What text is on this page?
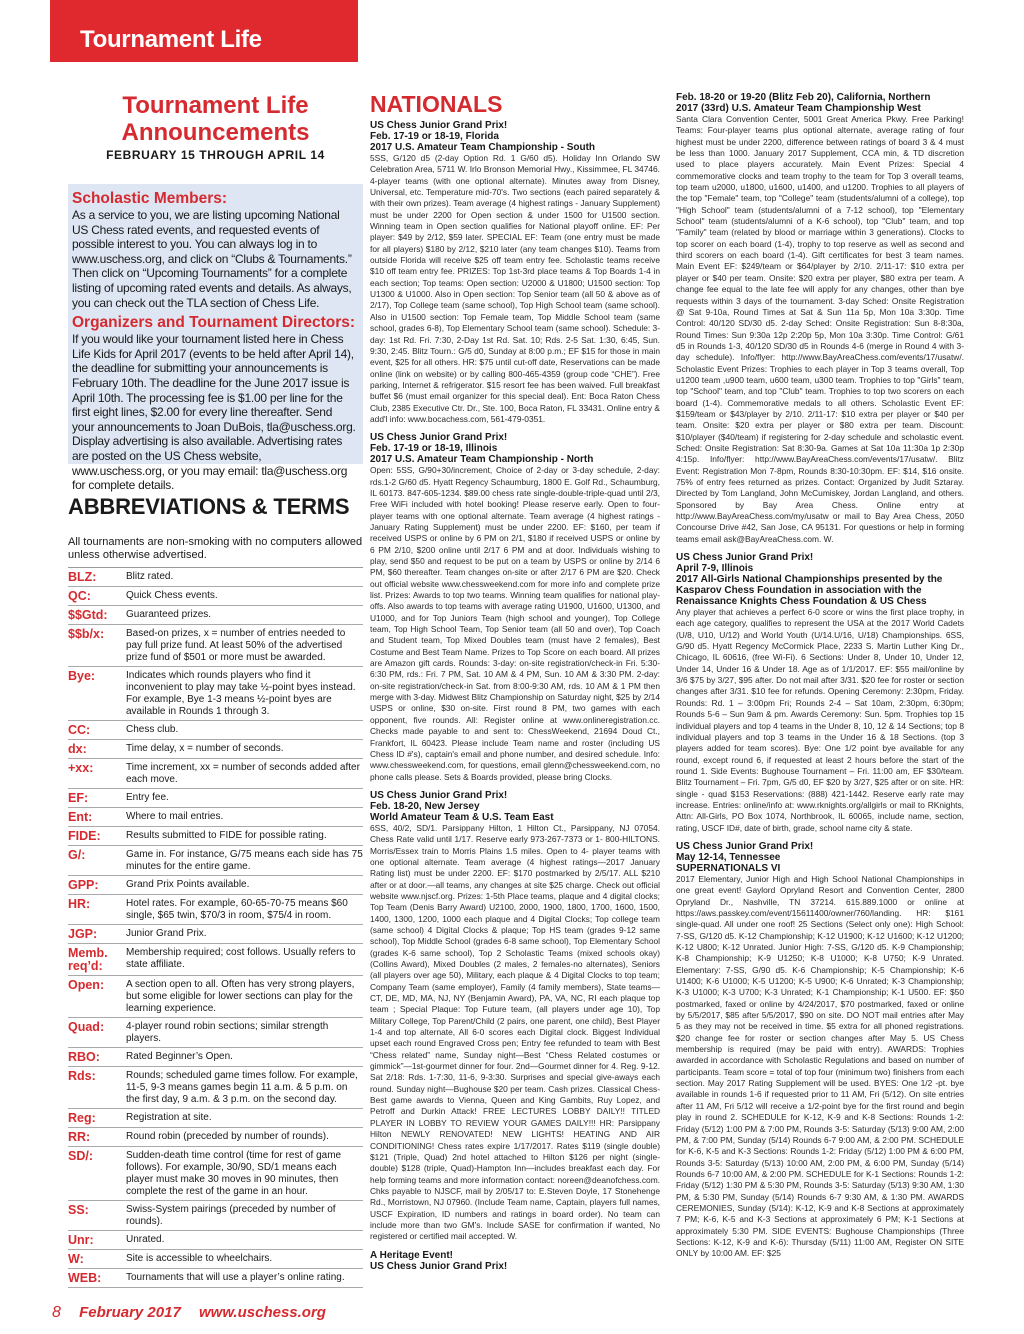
Tournament Life
Tournament Life Announcements
FEBRUARY 15 THROUGH APRIL 14
Scholastic Members:

As a service to you, we are listing upcoming National US Chess rated events, and requested events of possible interest to you. You can always log in to www.uschess.org, and click on “Clubs & Tournaments.” Then click on “Upcoming Tournaments” for a complete listing of upcoming rated events and details. As always, you can check out the TLA section of Chess Life.

Organizers and Tournament Directors:

If you would like your tournament listed here in Chess Life Kids for April 2017 (events to be held after April 14), the deadline for submitting your announcements is February 10th. The deadline for the June 2017 issue is April 10th. The processing fee is $1.00 per line for the first eight lines, $2.00 for every line thereafter. Send your announcements to Joan DuBois, tla@uschess.org. Display advertising is also available. Advertising rates are posted on the US Chess website, www.uschess.org, or you may email: tla@uschess.org for complete details.

ABBREVIATIONS & TERMS
All tournaments are non-smoking with no computers allowed unless otherwise advertised.
BLZ:	Blitz rated.
QC:	Quick Chess events.
$$Gtd:	Guaranteed prizes.
$$b/x:	Based-on prizes, x = number of entries needed to pay full prize fund. At least 50% of the advertised prize fund of $501 or more must be awarded.
Bye:	Indicates which rounds players who find it inconvenient to play may take ½-point byes instead. For example, Bye 1-3 means ½-point byes are available in Rounds 1 through 3.
CC:	Chess club.
dx:	Time delay, x = number of seconds.
+xx:	Time increment, xx = number of seconds added after each move.
EF:	Entry fee.
Ent:	Where to mail entries.
FIDE:	Results submitted to FIDE for possible rating.
G/:	Game in. For instance, G/75 means each side has 75 minutes for the entire game.
GPP:	Grand Prix Points available.
HR:	Hotel rates. For example, 60-65-70-75 means $60 single, $65 twin, $70/3 in room, $75/4 in room.
JGP:	Junior Grand Prix.
Memb. req’d:
Membership required; cost follows. Usually refers to state affiliate.
Open:	A section open to all. Often has very strong players, but some eligible for lower sections can play for the learning experience.
Quad:	4-player round robin sections; similar strength players.
RBO:	Rated Beginner’s Open.
Rds:	Rounds; scheduled game times follow. For example, 11-5, 9-3 means games begin 11 a.m. & 5 p.m. on the first day, 9 a.m. & 3 p.m. on the second day.
Reg:	Registration at site.
RR:	Round robin (preceded by number of rounds).
SD/:	Sudden-death time control (time for rest of game follows). For example, 30/90, SD/1 means each player must make 30 moves in 90 minutes, then complete the rest of the game in an hour.
SS:	Swiss-System pairings (preceded by number of rounds).
Unr:	Unrated.
W:	Site is accessible to wheelchairs.
WEB:	Tournaments that will use a player’s online rating.
NATIONALS
US Chess Junior Grand Prix!
Feb. 17-19 or 18-19, Florida
2017 U.S. Amateur Team Championship - South
5SS, G/120 d5 (2-day Option Rd. 1 G/60 d5). Holiday Inn Orlando SW Celebration Area, 5711 W. Irlo Bronson Memorial Hwy., Kissimmee, FL 34746. 4-player teams (with one optional alternate). Minutes away from Disney, Universal, etc. Temperature mid-70's. Two sections (each paired separately & with their own prizes). Team average (4 highest ratings - January Supplement) must be under 2200 for Open section & under 1500 for U1500 section. Winning team in Open section qualifies for National playoff online. EF: Per player: $49 by 2/12, $59 later. SPECIAL EF: Team (one entry must be made for all players) $180 by 2/12, $210 later (any team changes $10). Teams from outside Florida will receive $25 off team entry fee. Scholastic teams receive $10 off team entry fee. PRIZES: Top 1st-3rd place teams & Top Boards 1-4 in each section; Top teams: Open section: U2000 & U1800; U1500 section: Top U1300 & U1000. Also in Open section: Top Senior team (all 50 & above as of 2/17), Top College team (same school), Top High School team (same school). Also in U1500 section: Top Female team, Top Middle School team (same school, grades 6-8), Top Elementary School team (same school). Schedule: 3-day: 1st Rd. Fri. 7:30, 2-Day 1st Rd. Sat. 10; Rds. 2-5 Sat. 1:30, 6:45, Sun. 9:30, 2:45. Blitz Tourn.: G/5 d0, Sunday at 8:00 p.m.; EF $15 for those in main event, $25 for all others. HR: $75 until cut-off date, Reservations can be made online (link on website) or by calling 800-465-4359 (group code “CHE”). Free parking, Internet & refrigerator. $15 resort fee has been waived. Full breakfast buffet $6 (must email organizer for this special deal). Ent: Boca Raton Chess Club, 2385 Executive Ctr. Dr., Ste. 100, Boca Raton, FL 33431. Online entry & add'l info: www.bocachess.com, 561-479-0351.
US Chess Junior Grand Prix!
Feb. 17-19 or 18-19, Illinois
2017 U.S. Amateur Team Championship - North
Open: 5SS, G/90+30/increment, Choice of 2-day or 3-day schedule, 2-day: rds.1-2 G/60 d5. Hyatt Regency Schaumburg, 1800 E. Golf Rd., Schaumburg, IL 60173. 847-605-1234. $89.00 chess rate single-double-triple-quad until 2/3, Free WiFi included with hotel booking! Please reserve early. Open to four-player teams with one optional alternate. Team average (4 highest ratings - January Rating Supplement) must be under 2200. EF: $160, per team if received USPS or online by 6 PM on 2/1, $180 if received USPS or online by 6 PM 2/10, $200 online until 2/17 6 PM and at door. Individuals wishing to play, send $50 and request to be put on a team by USPS or online by 2/14 6 PM, $60 thereafter. Team changes on-site or after 2/17 6 PM are $20. Check out official website www.chessweekend.com for more info and complete prize list. Prizes: Awards to top two teams. Winning team qualifies for national play-offs. Also awards to top teams with average rating U1900, U1600, U1300, and U1000, and for Top Juniors Team (high school and younger), Top College team, Top High School Team, Top Senior team (all 50 and over), Top Coach and Student team, Top Mixed Doubles team (must have 2 females), Best Costume and Best Team Name. Prizes to Top Score on each board. All prizes are Amazon gift cards. Rounds: 3-day: on-site registration/check-in Fri. 5:30-6:30 PM, rds.: Fri. 7 PM, Sat. 10 AM & 4 PM, Sun. 10 AM & 3:30 PM. 2-day: on-site registration/check-in Sat. from 8:00-9:30 AM, rds. 10 AM & 1 PM then merge with 3-day. Midwest Blitz Championship on Saturday night, $25 by 2/14 USPS or online, $30 on-site. First round 8 PM, two games with each opponent, five rounds. All: Register online at www.onlineregistration.cc. Checks made payable to and sent to: ChessWeekend, 21694 Doud Ct., Frankfort, IL 60423. Please include Team name and roster (including US Chess ID #'s), captain's email and phone number, and desired schedule. Info: www.chessweekend.com, for questions, email glenn@chessweekend.com, no phone calls please. Sets & Boards provided, please bring Clocks.
US Chess Junior Grand Prix!
Feb. 18-20, New Jersey
World Amateur Team & U.S. Team East
6SS, 40/2, SD/1. Parsippany Hilton, 1 Hilton Ct., Parsippany, NJ 07054. Chess Rate valid until 1/17. Reserve early 973-267-7373 or 1- 800-HILTONS. Morris/Essex train to Morris Plains 1.5 miles. Open to 4- player teams with one optional alternate. Team average (4 highest ratings—2017 January Rating list) must be under 2200. EF: $170 postmarked by 2/5/17. ALL $210 after or at door.—all teams, any changes at site $25 charge. Check out official website www.njscf.org. Prizes: 1-5th Place teams, plaque and 4 digital clocks; Top Team (Denis Barry Award) U2100, 2000, 1900, 1800, 1700, 1600, 1500, 1400, 1300, 1200, 1000 each plaque and 4 Digital Clocks; Top college team (same school) 4 Digital Clocks & plaque; Top HS team (grades 9-12 same school), Top Middle School (grades 6-8 same school), Top Elementary School (grades K-6 same school), Top 2 Scholastic Teams (mixed schools okay) (Collins Award), Mixed Doubles (2 males, 2 females-no alternates), Seniors (all players over age 50), Military, each plaque & 4 Digital Clocks to top team; Company Team (same employer), Family (4 family members), State teams—CT, DE, MD, MA, NJ, NY (Benjamin Award), PA, VA, NC, RI each plaque top team ; Special Plaque: Top Future team, (all players under age 10), Top Military College, Top Parent/Child (2 pairs, one parent, one child), Best Player 1-4 and top alternate, All 6-0 scores each Digital clock. Biggest Individual upset each round Engraved Cross pen; Entry fee refunded to team with Best “Chess related” name, Sunday night—Best “Chess Related costumes or gimmick”—1st-gourmet dinner for four. 2nd—Gourmet dinner for 4. Reg. 9-12. Sat 2/18: Rds. 1-7:30, 11-6, 9-3:30. Surprises and special give-aways each round. Sunday night—Bughouse $20 per team. Cash prizes. Classical Chess-Best game awards to Vienna, Queen and King Gambits, Ruy Lopez, and Petroff and Durkin Attack! FREE LECTURES LOBBY DAILY!! TITLED PLAYER IN LOBBY TO REVIEW YOUR GAMES DAILY!!! HR: Parsippany Hilton NEWLY RENOVATED! NEW LIGHTS! HEATING AND AIR CONDITIONING! Chess rates expire 1/17/2017. Rates $119 (single double) $121 (Triple, Quad) 2nd hotel attached to Hilton $126 per night (single-double) $128 (triple, Quad)-Hampton Inn—includes breakfast each day. For help forming teams and more information contact: noreen@deanofchess.com. Chks payable to NJSCF, mail by 2/05/17 to: E.Steven Doyle, 17 Stonehenge Rd., Morristown, NJ 07960. (Include Team name, Captain, players full names, USCF Expiration, ID numbers and ratings in board order). No team can include more than two GM's. Include SASE for confirmation if wanted, No registered or certified mail accepted. W.
A Heritage Event!
US Chess Junior Grand Prix!
Feb. 18-20 or 19-20 (Blitz Feb 20), California, Northern
2017 (33rd) U.S. Amateur Team Championship West
Santa Clara Convention Center, 5001 Great America Pkwy. Free Parking! Teams: Four-player teams plus optional alternate, average rating of four highest must be under 2200, difference between ratings of board 3 & 4 must be less than 1000. January 2017 Supplement, CCA min, & TD discretion used to place players accurately. Main Event Prizes: Special 4 commemorative clocks and team trophy to the team for Top 3 overall teams, top team u2000, u1800, u1600, u1400, and u1200. Trophies to all players of the top "Female" team, top "College" team (students/alumni of a college), top "High School" team (students/alumni of a 7-12 school), top "Elementary School" team (students/alumni of a K-6 school), top "Club" team, and top "Family" team (related by blood or marriage within 3 generations). Clocks to top scorer on each board (1-4), trophy to top reserve as well as second and third scorers on each board (1-4). Gift certificates for best 3 team names. Main Event EF: $249/team or $64/player by 2/10. 2/11-17: $10 extra per player or $40 per team. Onsite: $20 extra per player, $80 extra per team. A change fee equal to the late fee will apply for any changes, other than bye requests within 3 days of the tournament. 3-day Sched: Onsite Registration @ Sat 9-10a, Round Times at Sat & Sun 11a 5p, Mon 10a 3:30p. Time Control: 40/120 SD/30 d5. 2-day Sched: Onsite Registration: Sun 8-8:30a, Round Times: Sun 9:30a 12p 2:20p 5p, Mon 10a 3:30p. Time Control: G/61 d5 in Rounds 1-3, 40/120 SD/30 d5 in Rounds 4-6 (merge in Round 4 with 3-day schedule). Info/flyer: http://www.BayAreaChess.com/events/17/usatw/. Scholastic Event Prizes: Trophies to each player in Top 3 teams overall, Top u1200 team ,u900 team, u600 team, u300 team. Trophies to top "Girls" team, top "School" team, and top "Club" team. Trophies to top two scorers on each board (1-4). Commemorative medals to all others. Scholastic Event EF: $159/team or $43/player by 2/10. 2/11-17: $10 extra per player or $40 per team. Onsite: $20 extra per player or $80 extra per team. Discount: $10/player ($40/team) if registering for 2-day schedule and scholastic event. Sched: Onsite Registration: Sat 8:30-9a. Games at Sat 10a 11:30a 1p 2:30p 4:15p. Info/flyer: http://www.BayAreaChess.com/events/17/usatw/. Blitz Event: Registration Mon 7-8pm, Rounds 8:30-10:30pm. EF: $14, $16 onsite. 75% of entry fees returned as prizes. Contact: Organized by Judit Sztaray. Directed by Tom Langland, John McCumiskey, Jordan Langland, and others. Sponsored by Bay Area Chess. Online entry at http://www.BayAreaChess.com/my/usatw or mail to Bay Area Chess, 2050 Concourse Drive #42, San Jose, CA 95131. For questions or help in forming teams email ask@BayAreaChess.com. W.
US Chess Junior Grand Prix!
April 7-9, Illinois
2017 All-Girls National Championships presented by the Kasparov Chess Foundation in association with the Renaissance Knights Chess Foundation & US Chess
Any player that achieves a perfect 6-0 score or wins the first place trophy, in each age category, qualifies to represent the USA at the 2017 World Cadets (U/8, U10, U/12) and World Youth (U/14.U/16, U/18) Championships. 6SS, G/90 d5. Hyatt Regency McCormick Place, 2233 S. Martin Luther King Dr., Chicago, IL 60616, (free Wi-Fi). 6 Sections: Under 8, Under 10, Under 12, Under 14, Under 16 & Under 18. Age as of 1/1/2017. EF: $55 mail/online by 3/6 $75 by 3/27, $95 after. Do not mail after 3/31. $20 fee for roster or section changes after 3/31. $10 fee for refunds. Opening Ceremony: 2:30pm, Friday. Rounds: Rd. 1 – 3:00pm Fri; Rounds 2-4 – Sat 10am, 2:30pm, 6:30pm; Rounds 5-6 – Sun 9am & pm. Awards Ceremony: Sun. 5pm. Trophies top 15 individual players and top 4 teams in the Under 8, 10, 12 & 14 Sections; top 8 individual players and top 3 teams in the Under 16 & 18 Sections. (top 3 players added for team scores). Bye: One 1/2 point bye available for any round, except round 6, if requested at least 2 hours before the start of the round 1. Side Events: Bughouse Tournament – Fri. 11:00 am, EF $30/team. Blitz Tournament – Fri. 7pm, G/5 d0, EF $20 by 3/27, $25 after or on site. HR: single - quad $153 Reservations: (888) 421-1442. Reserve early rate may increase. Entries: online/info at: www.rknights.org/allgirls or mail to RKnights, Attn: All-Girls, PO Box 1074, Northbrook, IL 60065, include name, section, rating, USCF ID#, date of birth, grade, school name city & state.
US Chess Junior Grand Prix!
May 12-14, Tennessee
SUPERNATIONALS VI
2017 Elementary, Junior High and High School National Championships in one great event! Gaylord Opryland Resort and Convention Center, 2800 Opryland Dr., Nashville, TN 37214. 615.889.1000 or online at https://aws.passkey.com/event/15611400/owner/760/landing. HR: $161 single-quad. All under one roof! 25 Sections (Select only one): High School: 7-SS, G/120 d5. K-12 Championship; K-12 U1900; K-12 U1600; K-12 U1200; K-12 U800; K-12 Unrated. Junior High: 7-SS, G/120 d5. K-9 Championship; K-8 Championship; K-9 U1250; K-8 U1000; K-8 U750; K-9 Unrated. Elementary: 7-SS, G/90 d5. K-6 Championship; K-5 Championship; K-6 U1400; K-6 U1000; K-5 U1200; K-5 U900; K-6 Unrated; K-3 Championship; K-3 U1000; K-3 U700; K-3 Unrated; K-1 Championship; K-1 U500. EF: $50 postmarked, faxed or online by 4/24/2017, $70 postmarked, faxed or online by 5/5/2017, $85 after 5/5/2017, $90 on site. DO NOT mail entries after May 5 as they may not be received in time. $5 extra for all phoned registrations. $20 change fee for roster or section changes after May 5. US Chess membership is required (may be paid with entry). AWARDS: Trophies awarded in accordance with Scholastic Regulations and based on number of participants. Team score = total of top four (minimum two) finishers from each section. May 2017 Rating Supplement will be used. BYES: One 1/2 -pt. bye available in rounds 1-6 if requested prior to 11 AM, Fri (5/12). On site entries after 11 AM, Fri 5/12 will receive a 1/2-point bye for the first round and begin play in round 2. SCHEDULE for K-12, K-9 and K-8 Sections: Rounds 1-2: Friday (5/12) 1:00 PM & 7:00 PM, Rounds 3-5: Saturday (5/13) 9:00 AM, 2:00 PM, & 7:00 PM, Sunday (5/14) Rounds 6-7 9:00 AM, & 2:00 PM. SCHEDULE for K-6, K-5 and K-3 Sections: Rounds 1-2: Friday (5/12) 1:00 PM & 6:00 PM, Rounds 3-5: Saturday (5/13) 10:00 AM, 2:00 PM, & 6:00 PM, Sunday (5/14) Rounds 6-7 10:00 AM, & 2:00 PM. SCHEDULE for K-1 Sections: Rounds 1-2: Friday (5/12) 1:30 PM & 5:30 PM, Rounds 3-5: Saturday (5/13) 9:30 AM, 1:30 PM, & 5:30 PM, Sunday (5/14) Rounds 6-7 9:30 AM, & 1:30 PM. AWARDS CEREMONIES, Sunday (5/14): K-12, K-9 and K-8 Sections at approximately 7 PM; K-6, K-5 and K-3 Sections at approximately 6 PM; K-1 Sections at approximately 5:30 PM. SIDE EVENTS: Bughouse Championships (Three Sections: K-12, K-9 and K-6): Thursday (5/11) 11:00 AM, Register ON SITE ONLY by 10:00 AM. EF: $25
8 February 2017 www.uschess.org
